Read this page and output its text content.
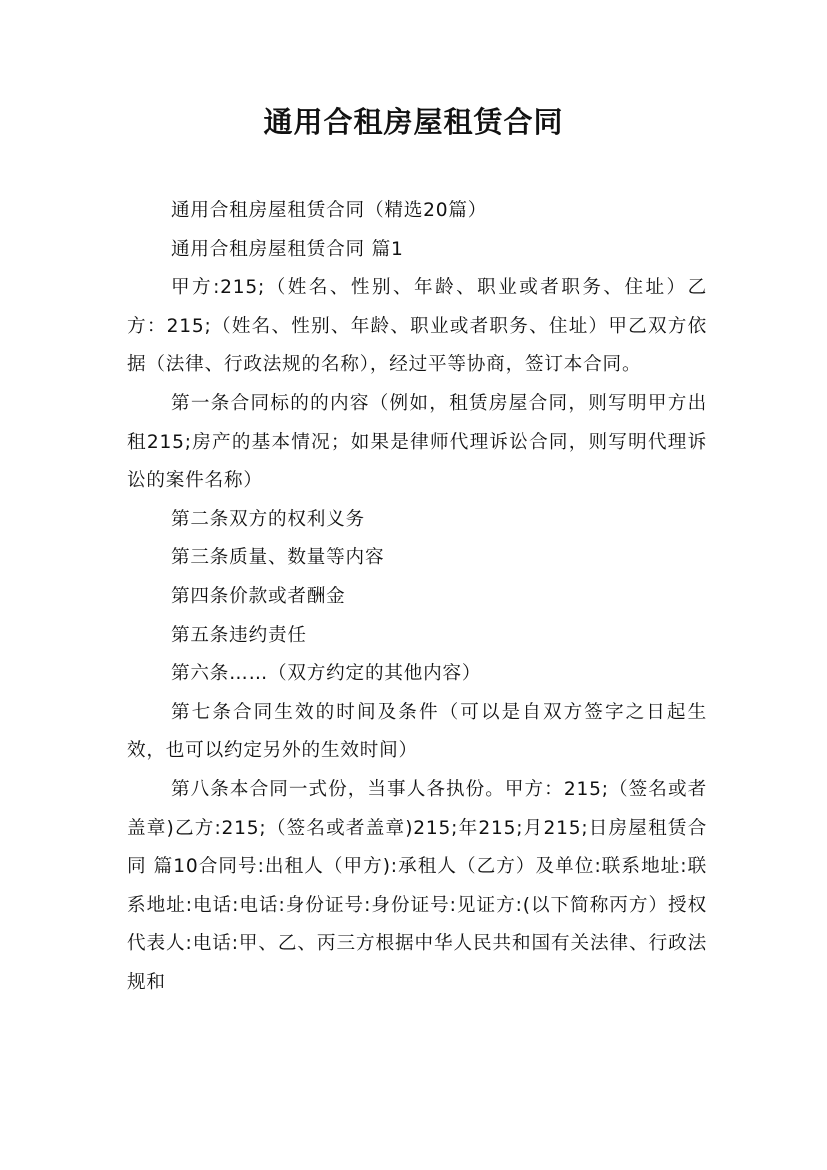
通用合租房屋租赁合同

通用合租房屋租赁合同（精选20篇）

通用合租房屋租赁合同 篇1

甲方:215;（姓名、性别、年龄、职业或者职务、住址）乙方：215;（姓名、性别、年龄、职业或者职务、住址）甲乙双方依据（法律、行政法规的名称），经过平等协商，签订本合同。

第一条合同标的的内容（例如，租赁房屋合同，则写明甲方出租215;房产的基本情况；如果是律师代理诉讼合同，则写明代理诉讼的案件名称）

第二条双方的权利义务

第三条质量、数量等内容

第四条价款或者酬金

第五条违约责任

第六条……（双方约定的其他内容）

第七条合同生效的时间及条件（可以是自双方签字之日起生效，也可以约定另外的生效时间）

第八条本合同一式份，当事人各执份。甲方：215;（签名或者盖章)乙方:215;（签名或者盖章)215;年215;月215;日房屋租赁合同 篇10合同号:出租人（甲方):承租人（乙方）及单位:联系地址:联系地址:电话:电话:身份证号:身份证号:见证方:(以下简称丙方）授权代表人:电话:甲、乙、丙三方根据中华人民共和国有关法律、行政法规和
